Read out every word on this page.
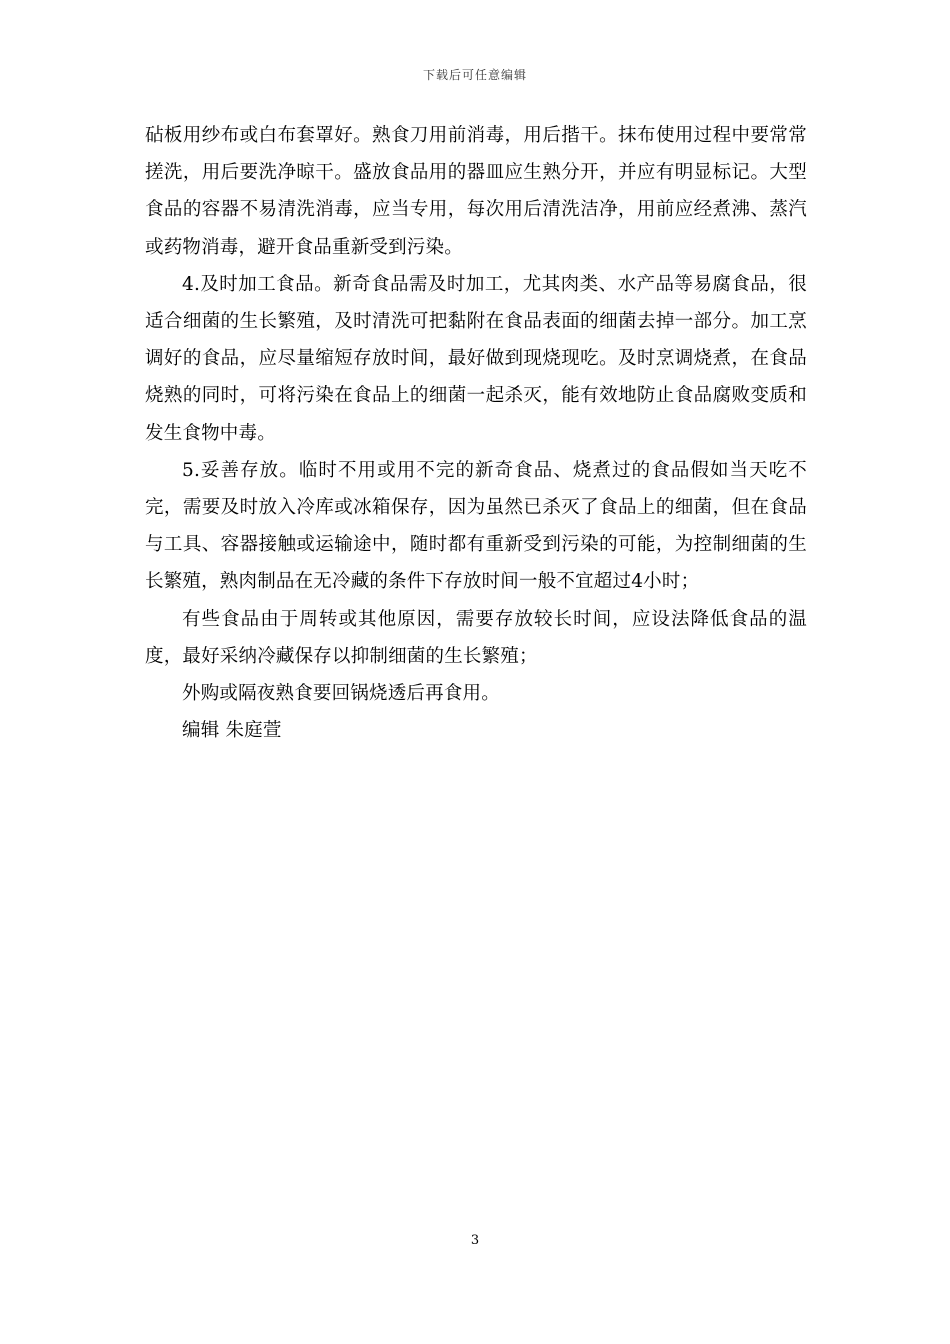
下载后可任意编辑

砧板用纱布或白布套罩好。熟食刀用前消毒，用后揩干。抹布使用过程中要常常搓洗，用后要洗净晾干。盛放食品用的器皿应生熟分开，并应有明显标记。大型食品的容器不易清洗消毒，应当专用，每次用后清洗洁净，用前应经煮沸、蒸汽或药物消毒，避开食品重新受到污染。

4.及时加工食品。新奇食品需及时加工，尤其肉类、水产品等易腐食品，很适合细菌的生长繁殖，及时清洗可把黏附在食品表面的细菌去掉一部分。加工烹调好的食品，应尽量缩短存放时间，最好做到现烧现吃。及时烹调烧煮，在食品烧熟的同时，可将污染在食品上的细菌一起杀灭，能有效地防止食品腐败变质和发生食物中毒。

5.妥善存放。临时不用或用不完的新奇食品、烧煮过的食品假如当天吃不完，需要及时放入冷库或冰箱保存，因为虽然已杀灭了食品上的细菌，但在食品与工具、容器接触或运输途中，随时都有重新受到污染的可能，为控制细菌的生长繁殖，熟肉制品在无冷藏的条件下存放时间一般不宜超过4小时；

有些食品由于周转或其他原因，需要存放较长时间，应设法降低食品的温度，最好采纳冷藏保存以抑制细菌的生长繁殖；

外购或隔夜熟食要回锅烧透后再食用。

编辑 朱庭萱

3
